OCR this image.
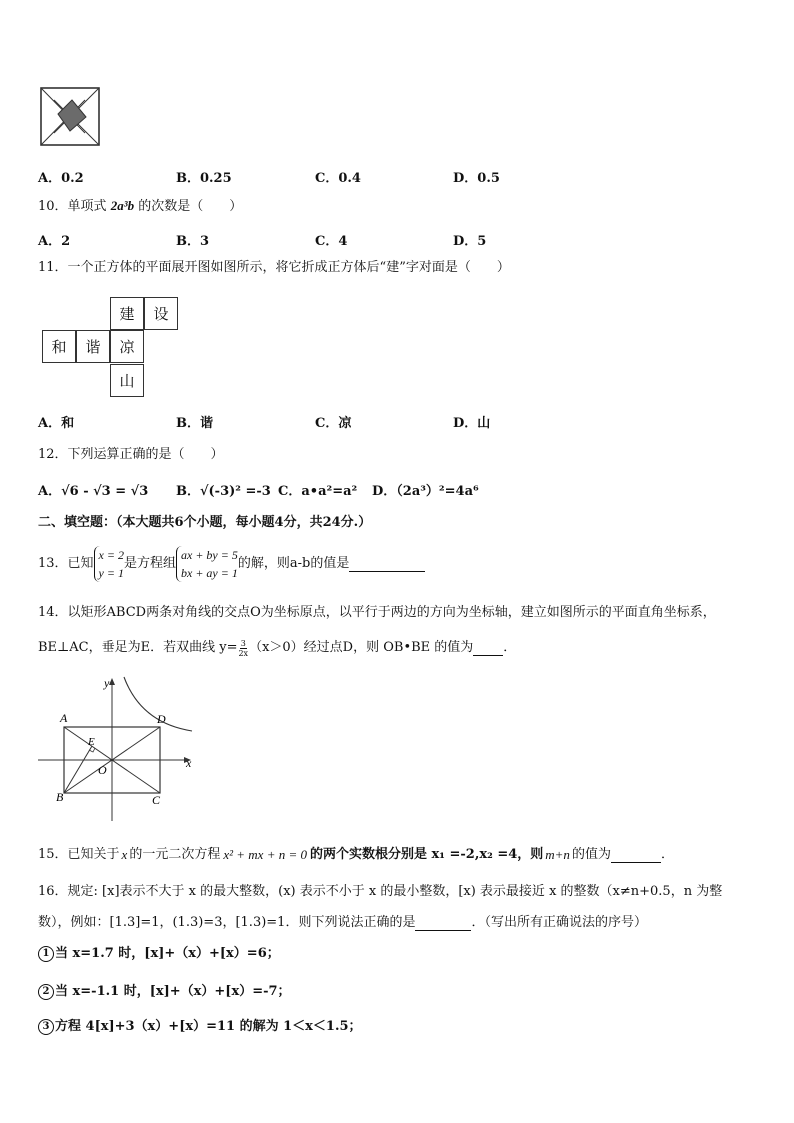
A．0.2	B．0.25	C．0.4	D．0.5
10．单项式 2a³b 的次数是（　　）
A．2	B．3	C．4	D．5
11．一个正方体的平面展开图如图所示，将它折成正方体后“建”字对面是（　　）
建	设
和	谐	凉
山
A．和	B．谐	C．凉	D．山
12．下列运算正确的是（　　）
A．√6 - √3 = √3 B．√(-3)² =-3 C．a•a²=a² D．（2a³）²=4a⁶
二、填空题：（本大题共6个小题，每小题4分，共24分.）
13．已知
x = 2
y = 1
是方程组
ax + by = 5
bx + ay = 1
的解，则a-b的值是
14．以矩形ABCD两条对角线的交点O为坐标原点，以平行于两边的方向为坐标轴，建立如图所示的平面直角坐标系，
BE⊥AC，垂足为E．若双曲线 $y= \frac{3}{2x} (x>0)$经过点D，则 OB•BE 的值为 ．
y
x
A
B	C
D
E
O
15．已知关于 x 的一元二次方程 x² + mx + n = 0 的两个实数根分别是 x₁ =-2,x₂ =4，则 m+n 的值为	．
16．规定: [x]表示不大于 x 的最大整数，(x) 表示不小于 x 的最小整数，[x) 表示最接近 x 的整数（x≠n+0.5，n 为整
数），例如：[1.3]=1，(1.3)=3，[1.3)=1．则下列说法正确的是	．（写出所有正确说法的序号）
1 当 x=1.7 时，[x]+（x）+[x）=6；
2 当 x=-1.1 时，[x]+（x）+[x）=-7；
3 方程 4[x]+3（x）+[x）=11 的解为 1＜x＜1.5；
